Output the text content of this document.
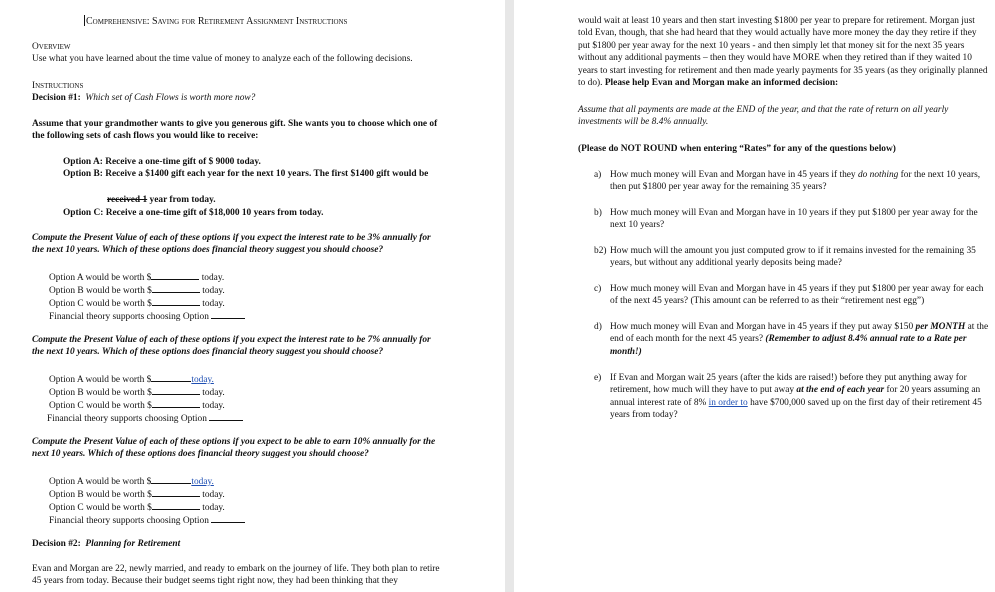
Comprehensive: Saving for Retirement Assignment Instructions

Overview

Use what you have learned about the time value of money to analyze each of the following decisions.

Instructions

Decision #1: Which set of Cash Flows is worth more now?

Assume that your grandmother wants to give you generous gift. She wants you to choose which one of the following sets of cash flows you would like to receive:

Option A: Receive a one-time gift of $ 9000 today.

Option B: Receive a $1400 gift each year for the next 10 years. The first $1400 gift would be

received 1 year from today.

Option C: Receive a one-time gift of $18,000 10 years from today.

Compute the Present Value of each of these options if you expect the interest rate to be 3% annually for the next 10 years. Which of these options does financial theory suggest you should choose?

Option A would be worth $	today.

Option B would be worth $	today.

Option C would be worth $	today.

Financial theory supports choosing Option

Compute the Present Value of each of these options if you expect the interest rate to be 7% annually for the next 10 years. Which of these options does financial theory suggest you should choose?

Option A would be worth $	today.

Option B would be worth $	today.

Option C would be worth $	today.

Financial theory supports choosing Option

Compute the Present Value of each of these options if you expect to be able to earn 10% annually for the next 10 years. Which of these options does financial theory suggest you should choose?

Option A would be worth $	today.

Option B would be worth $	today.

Option C would be worth $	today.

Financial theory supports choosing Option

Decision #2: Planning for Retirement

Evan and Morgan are 22, newly married, and ready to embark on the journey of life. They both plan to retire 45 years from today. Because their budget seems tight right now, they had been thinking that they

would wait at least 10 years and then start investing $1800 per year to prepare for retirement. Morgan just told Evan, though, that she had heard that they would actually have more money the day they retire if they put $1800 per year away for the next 10 years - and then simply let that money sit for the next 35 years without any additional payments – then they would have MORE when they retired than if they waited 10 years to start investing for retirement and then made yearly payments for 35 years (as they originally planned to do). Please help Evan and Morgan make an informed decision:

Assume that all payments are made at the END of the year, and that the rate of return on all yearly investments will be 8.4% annually.

(Please do NOT ROUND when entering “Rates” for any of the questions below)

a) How much money will Evan and Morgan have in 45 years if they do nothing for the next 10 years, then put $1800 per year away for the remaining 35 years?
b) How much money will Evan and Morgan have in 10 years if they put $1800 per year away for the next 10 years?
b2) How much will the amount you just computed grow to if it remains invested for the remaining 35 years, but without any additional yearly deposits being made?
c) How much money will Evan and Morgan have in 45 years if they put $1800 per year away for each of the next 45 years? (This amount can be referred to as their “retirement nest egg”)
d) How much money will Evan and Morgan have in 45 years if they put away $150 per MONTH at the end of each month for the next 45 years? (Remember to adjust 8.4% annual rate to a Rate per month!)
e) If Evan and Morgan wait 25 years (after the kids are raised!) before they put anything away for retirement, how much will they have to put away at the end of each year for 20 years assuming an annual interest rate of 8% in order to have $700,000 saved up on the first day of their retirement 45 years from today?
